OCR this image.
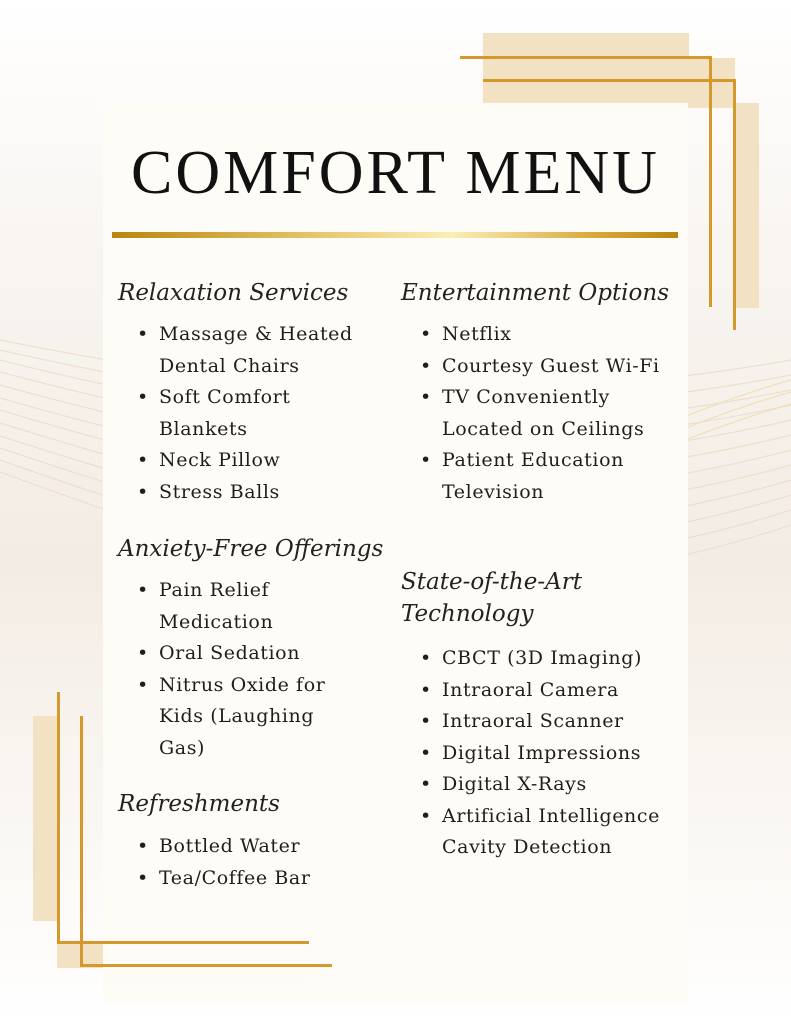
COMFORT MENU
Relaxation Services
• Massage & Heated Dental Chairs
• Soft Comfort Blankets
• Neck Pillow
• Stress Balls
Anxiety-Free Offerings
• Pain Relief Medication
• Oral Sedation
• Nitrus Oxide for Kids (Laughing Gas)
Refreshments
• Bottled Water
• Tea/Coffee Bar
Entertainment Options
• Netflix
• Courtesy Guest Wi-Fi
• TV Conveniently Located on Ceilings
• Patient Education Television
State-of-the-Art Technology
• CBCT (3D Imaging)
• Intraoral Camera
• Intraoral Scanner
• Digital Impressions
• Digital X-Rays
• Artificial Intelligence Cavity Detection
